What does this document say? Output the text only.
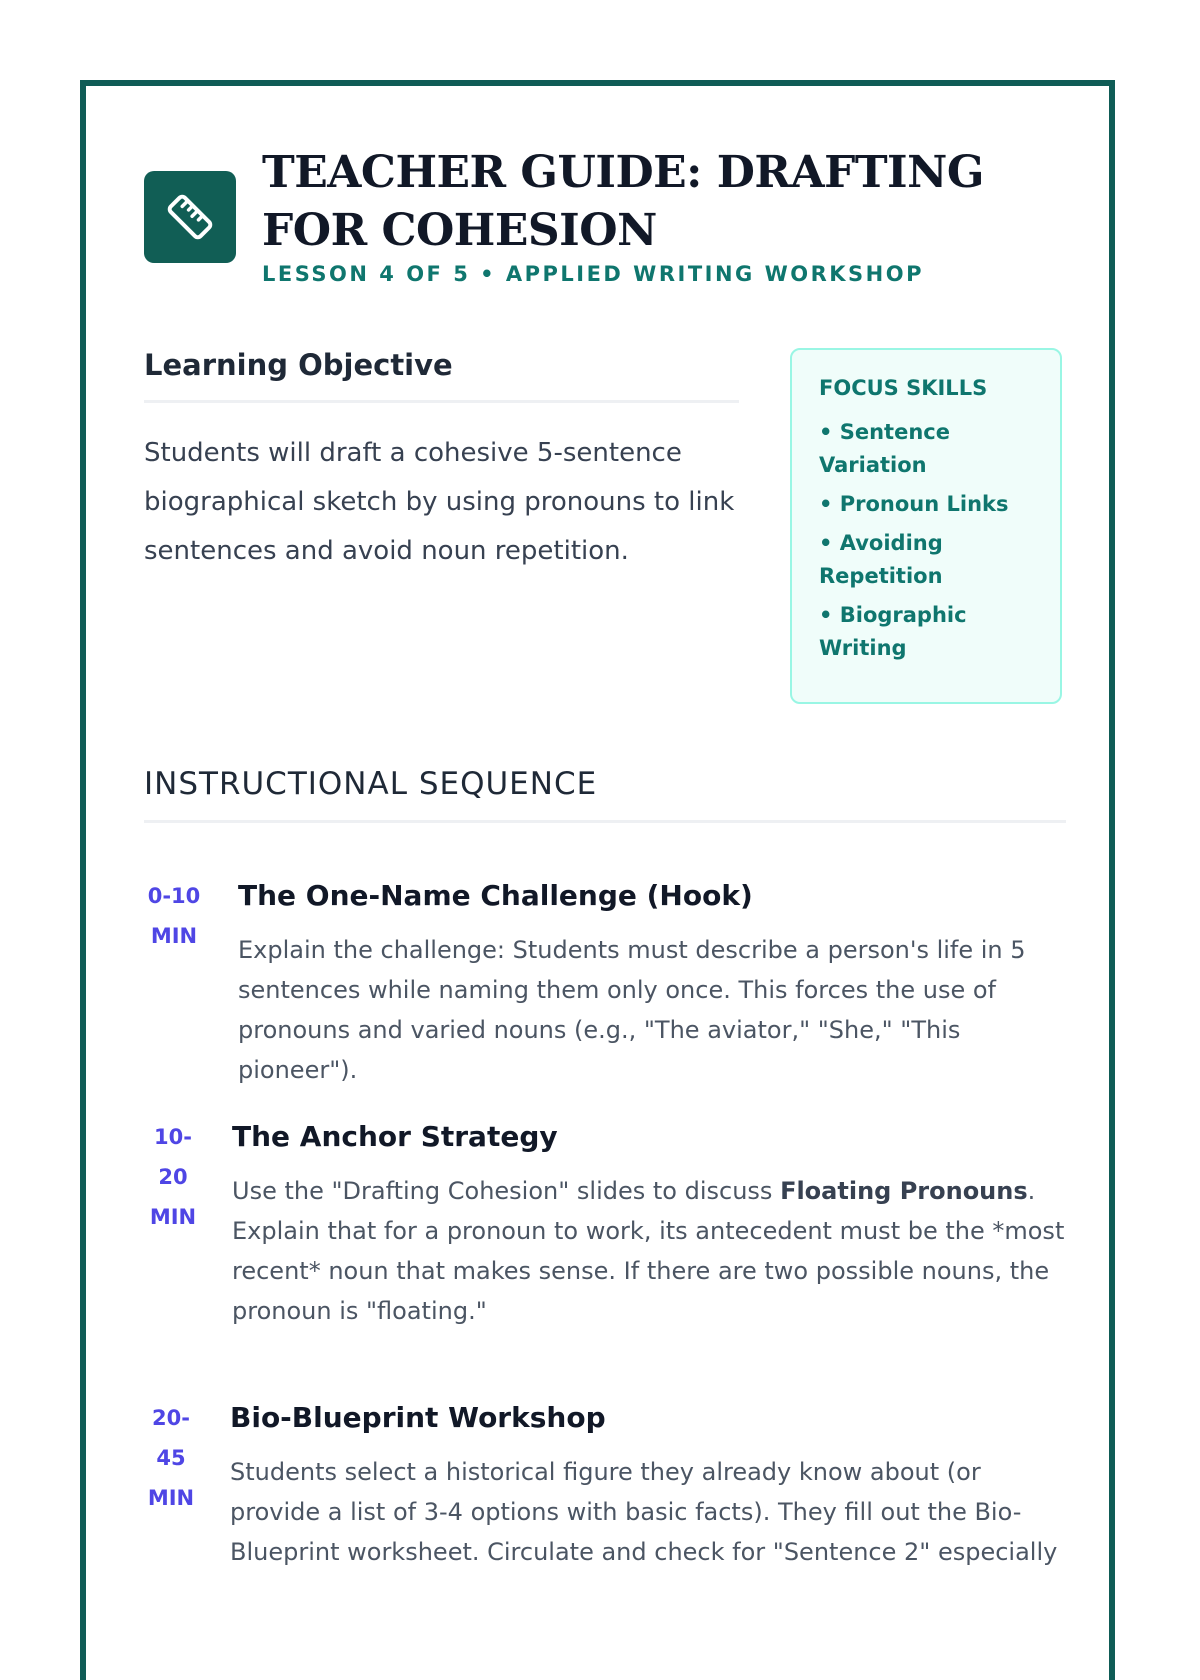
TEACHER GUIDE: DRAFTING FOR COHESION
LESSON 4 OF 5 • APPLIED WRITING WORKSHOP
Learning Objective

Students will draft a cohesive 5-sentence biographical sketch by using pronouns to link sentences and avoid noun repetition.

FOCUS SKILLS
• Sentence Variation
• Pronoun Links
• Avoiding Repetition
• Biographic Writing
INSTRUCTIONAL SEQUENCE
0-10 MIN
The One-Name Challenge (Hook)
Explain the challenge: Students must describe a person's life in 5 sentences while naming them only once. This forces the use of pronouns and varied nouns (e.g., "The aviator," "She," "This pioneer").
10- 20 MIN
The Anchor Strategy
Use the "Drafting Cohesion" slides to discuss Floating Pronouns. Explain that for a pronoun to work, its antecedent must be the *most recent* noun that makes sense. If there are two possible nouns, the pronoun is "floating."
20- 45 MIN
Bio-Blueprint Workshop
Students select a historical figure they already know about (or provide a list of 3-4 options with basic facts). They fill out the Bio-Blueprint worksheet. Circulate and check for "Sentence 2" especially
